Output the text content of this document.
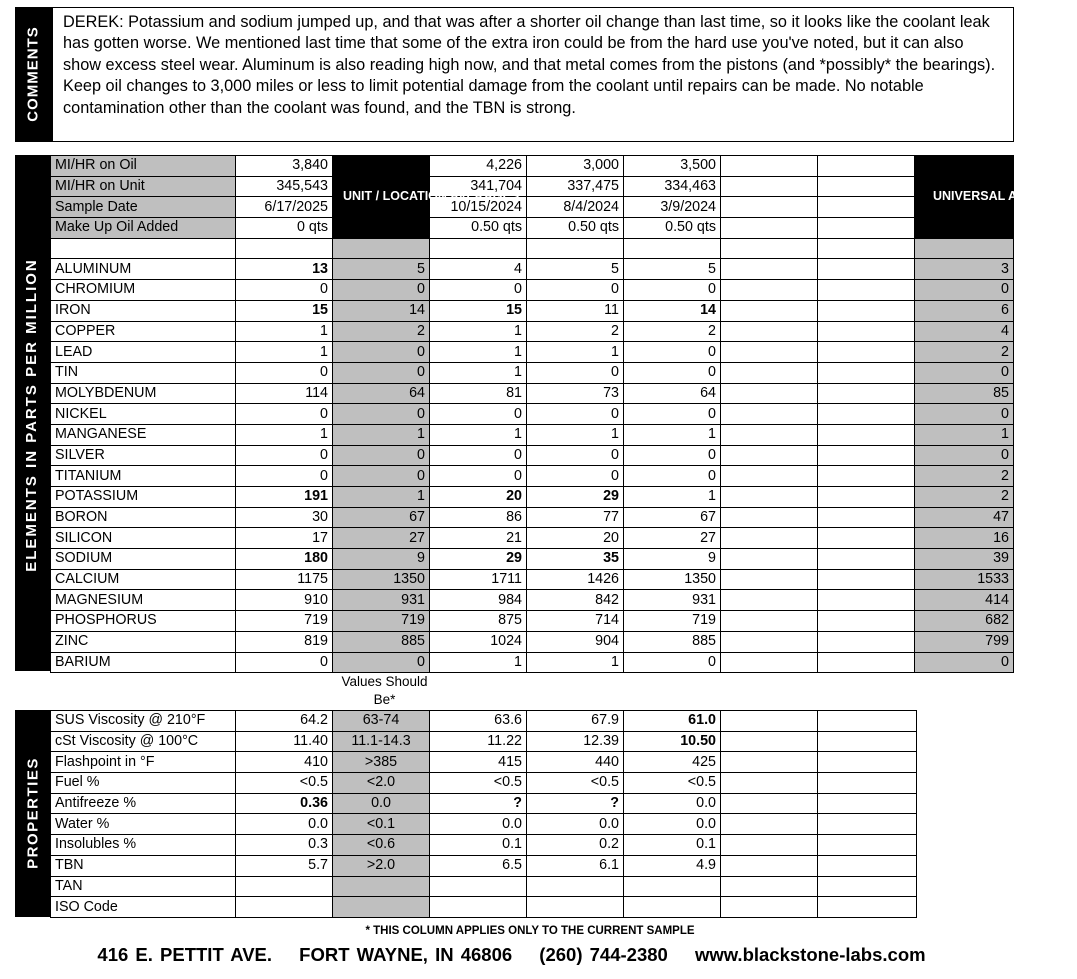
COMMENTS
DEREK: Potassium and sodium jumped up, and that was after a shorter oil change than last time, so it looks like the coolant leak has gotten worse. We mentioned last time that some of the extra iron could be from the hard use you've noted, but it can also show excess steel wear. Aluminum is also reading high now, and that metal comes from the pistons (and *possibly* the bearings). Keep oil changes to 3,000 miles or less to limit potential damage from the coolant until repairs can be made. No notable contamination other than the coolant was found, and the TBN is strong.
ELEMENTS IN PARTS PER MILLION
MI/HR on Oil	3,840	UNIT / LOCATION AVERAGES	4,226	3,000	3,500			UNIVERSAL AVERAGES

MI/HR on Unit	345,543		341,704	337,475	334,463			
Sample Date	6/17/2025		10/15/2024	8/4/2024	3/9/2024			
Make Up Oil Added	0 qts		0.50 qts	0.50 qts	0.50 qts			

ALUMINUM	13	5	4	5	5			3
CHROMIUM	0	0	0	0	0			0
IRON	15	14	15	11	14			6
COPPER	1	2	1	2	2			4
LEAD	1	0	1	1	0			2
TIN	0	0	1	0	0			0
MOLYBDENUM	114	64	81	73	64			85
NICKEL	0	0	0	0	0			0
MANGANESE	1	1	1	1	1			1
SILVER	0	0	0	0	0			0
TITANIUM	0	0	0	0	0			2
POTASSIUM	191	1	20	29	1			2
BORON	30	67	86	77	67			47
SILICON	17	27	21	20	27			16
SODIUM	180	9	29	35	9			39
CALCIUM	1175	1350	1711	1426	1350			1533
MAGNESIUM	910	931	984	842	931			414
PHOSPHORUS	719	719	875	714	719			682
ZINC	819	885	1024	904	885			799
BARIUM	0	0	1	1	0			0
Values Should Be*
PROPERTIES
SUS Viscosity @ 210°F	64.2	63-74	63.6	67.9	61.0		
cSt Viscosity @ 100°C	11.40	11.1-14.3	11.22	12.39	10.50		
Flashpoint in °F	410	>385	415	440	425		
Fuel %	<0.5	<2.0	<0.5	<0.5	<0.5		
Antifreeze %	0.36	0.0	?	?	0.0		
Water %	0.0	<0.1	0.0	0.0	0.0		
Insolubles %	0.3	<0.6	0.1	0.2	0.1		
TBN	5.7	>2.0	6.5	6.1	4.9		
TAN							
ISO Code							
* THIS COLUMN APPLIES ONLY TO THE CURRENT SAMPLE
416 E. PETTIT AVE. FORT WAYNE, IN 46806 (260) 744-2380 www.blackstone-labs.com
